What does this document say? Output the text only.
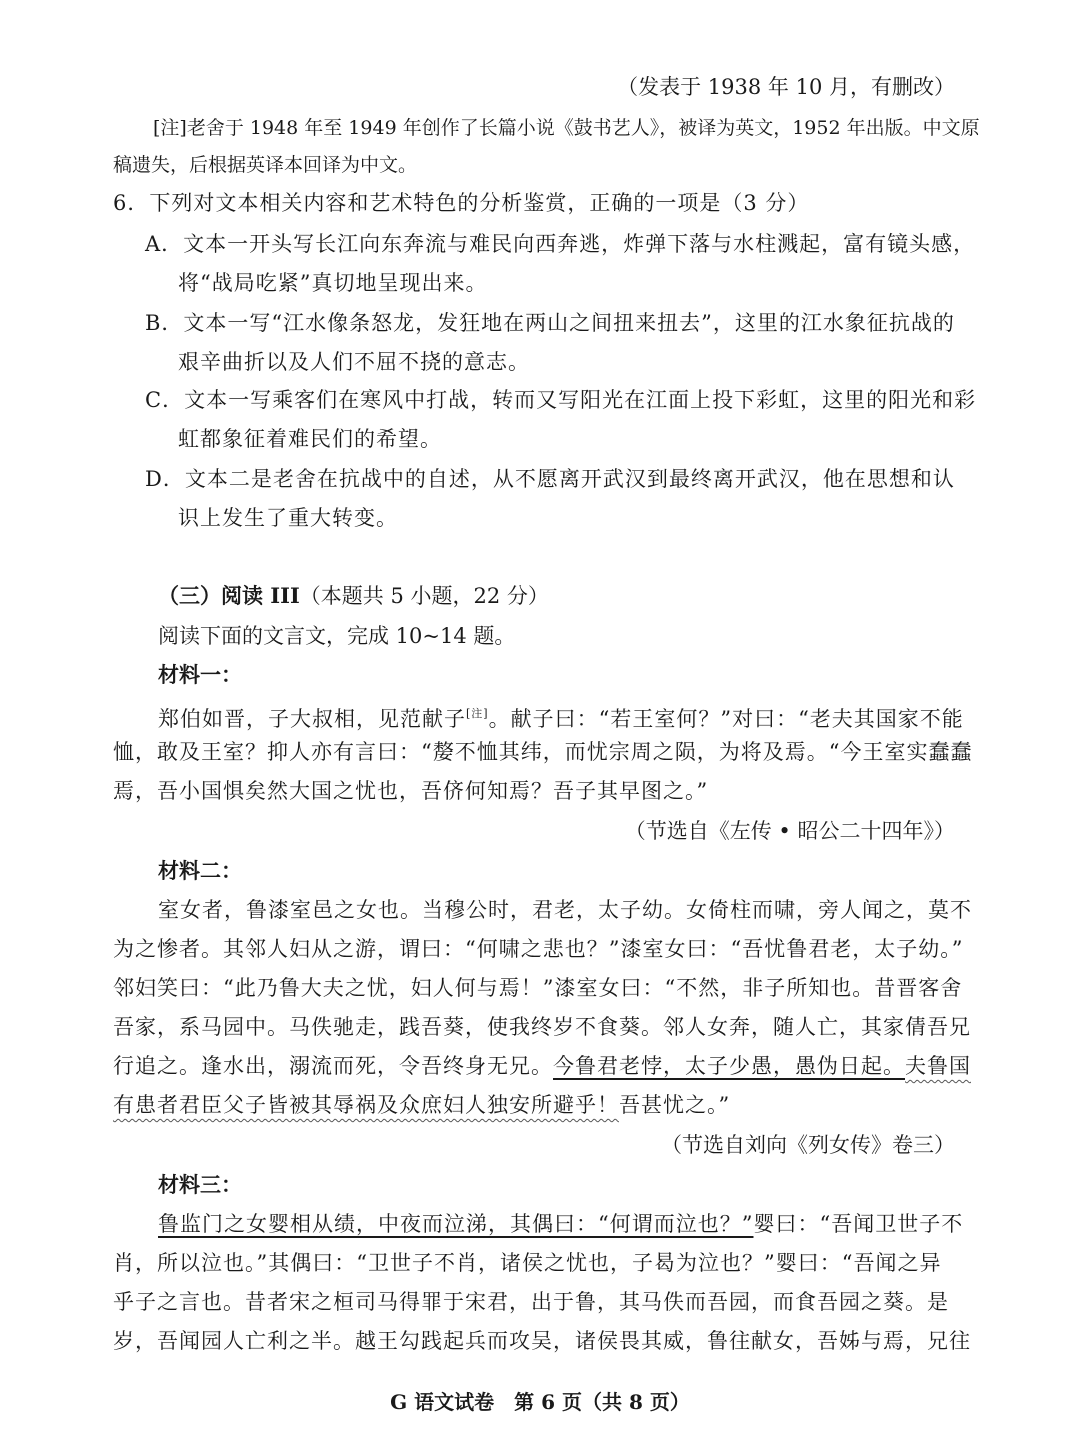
（发表于 1938 年 10 月，有删改）
[注]老舍于 1948 年至 1949 年创作了长篇小说《鼓书艺人》，被译为英文，1952 年出版。中文原
稿遗失，后根据英译本回译为中文。
6．下列对文本相关内容和艺术特色的分析鉴赏，正确的一项是（3 分）
A．文本一开头写长江向东奔流与难民向西奔逃，炸弹下落与水柱溅起，富有镜头感，
将“战局吃紧”真切地呈现出来。
B．文本一写“江水像条怒龙，发狂地在两山之间扭来扭去”，这里的江水象征抗战的
艰辛曲折以及人们不屈不挠的意志。
C．文本一写乘客们在寒风中打战，转而又写阳光在江面上投下彩虹，这里的阳光和彩
虹都象征着难民们的希望。
D．文本二是老舍在抗战中的自述，从不愿离开武汉到最终离开武汉，他在思想和认
识上发生了重大转变。
（三）阅读 III（本题共 5 小题，22 分）
阅读下面的文言文，完成 10~14 题。
材料一：
郑伯如晋，子大叔相，见范献子[注]。献子曰：“若王室何？”对曰：“老夫其国家不能
恤，敢及王室？抑人亦有言曰：“嫠不恤其纬，而忧宗周之陨，为将及焉。“今王室实蠢蠢
焉，吾小国惧矣然大国之忧也，吾侪何知焉？吾子其早图之。”
（节选自《左传 • 昭公二十四年》）
材料二：
室女者，鲁漆室邑之女也。当穆公时，君老，太子幼。女倚柱而啸，旁人闻之，莫不
为之惨者。其邻人妇从之游，谓曰：“何啸之悲也？”漆室女曰：“吾忧鲁君老，太子幼。”
邻妇笑曰：“此乃鲁大夫之忧，妇人何与焉！”漆室女曰：“不然，非子所知也。昔晋客舍
吾家，系马园中。马佚驰走，践吾葵，使我终岁不食葵。邻人女奔，随人亡，其家倩吾兄
行追之。逢水出，溺流而死，令吾终身无兄。今鲁君老悖，太子少愚，愚伪日起。夫鲁国
有患者君臣父子皆被其辱祸及众庶妇人独安所避乎！吾甚忧之。”
（节选自刘向《列女传》卷三）
材料三：
鲁监门之女婴相从绩，中夜而泣涕，其偶曰：“何谓而泣也？”婴曰：“吾闻卫世子不
肖，所以泣也。”其偶曰：“卫世子不肖，诸侯之忧也，子曷为泣也？”婴曰：“吾闻之异
乎子之言也。昔者宋之桓司马得罪于宋君，出于鲁，其马佚而吾园，而食吾园之葵。是
岁，吾闻园人亡利之半。越王勾践起兵而攻吴，诸侯畏其威，鲁往献女，吾姊与焉，兄往
G 语文试卷　第 6 页（共 8 页）
